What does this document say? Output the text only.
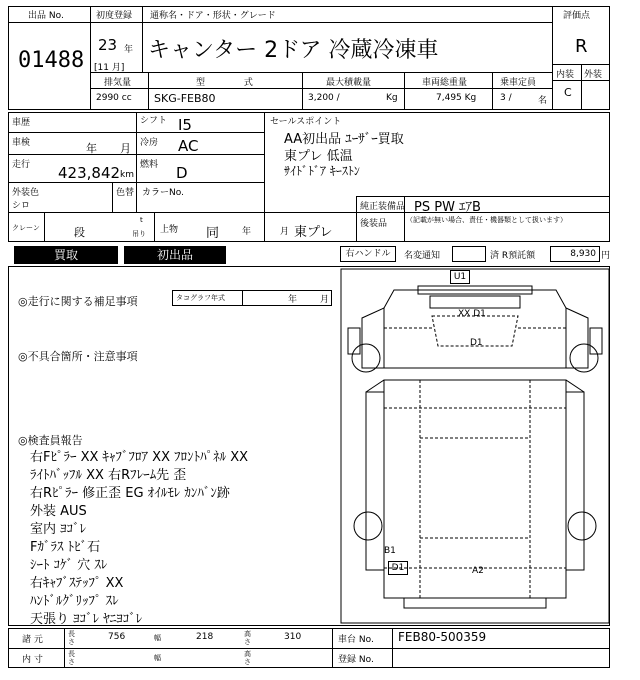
出品 No.
01488
初度登録
23 年
[11 月]
通称名・ドア・形状・グレード
キャンター 2ドア 冷蔵冷凍車
評価点
R
内装 外装
C
排気量
2990 cc
型 式
SKG-FEB80
最大積載量
3,200 /	Kg
車両総重量
7,495 Kg
乗車定員
3 /	名
車歴	シフト I5
車検	年 月 冷房 AC
走行 423,842 km
燃料 D
外装色
シロ
色替 カラーNo.
セールスポイント
AA初出品 ﾕｰｻﾞｰ買取
東プレ 低温
ｻｲﾄﾞﾄﾞｱ ｷｰｽﾄﾝ
純正装備品 PS PW ｴｱB
後装品	（記載が無い場合、責任・機器類として扱います）
クレーン	段
t
吊り 上物 同	年	月 東プレ
買取	初出品	右ハンドル	名変通知	済 R預託額	8,930 円
◎走行に関する補足事項	タコグラフ年式	年	月
◎不具合箇所・注意事項
◎検査員報告
右Fﾋﾟﾗｰ XX ｷｬﾌﾞﾌﾛｱ XX ﾌﾛﾝﾄﾊﾟﾈﾙ XX
ﾗｲﾄﾊﾞｯﾌﾙ XX 右Rﾌﾚｰﾑ先 歪
右Rﾋﾟﾗｰ 修正歪 EG ｵｲﾙﾓﾚ ｶﾝﾊﾞﾝ跡
外装 AUS
室内 ﾖｺﾞﾚ
Fｶﾞﾗｽ ﾄﾋﾞ石
ｼｰﾄ ｺｹﾞ 穴 ｽﾚ
右ｷｬﾌﾞｽﾃｯﾌﾟ XX
ﾊﾝﾄﾞﾙｸﾞﾘｯﾌﾟ ｽﾚ
天張り ﾖｺﾞﾚ ﾔﾆﾖｺﾞﾚ
U1
XX D1
D1
B1
D1	A2
諸 元
長さ	756	幅	218	高さ	310	車台 No. FEB80-500359
内 寸
長さ	幅	高さ	登録 No.
